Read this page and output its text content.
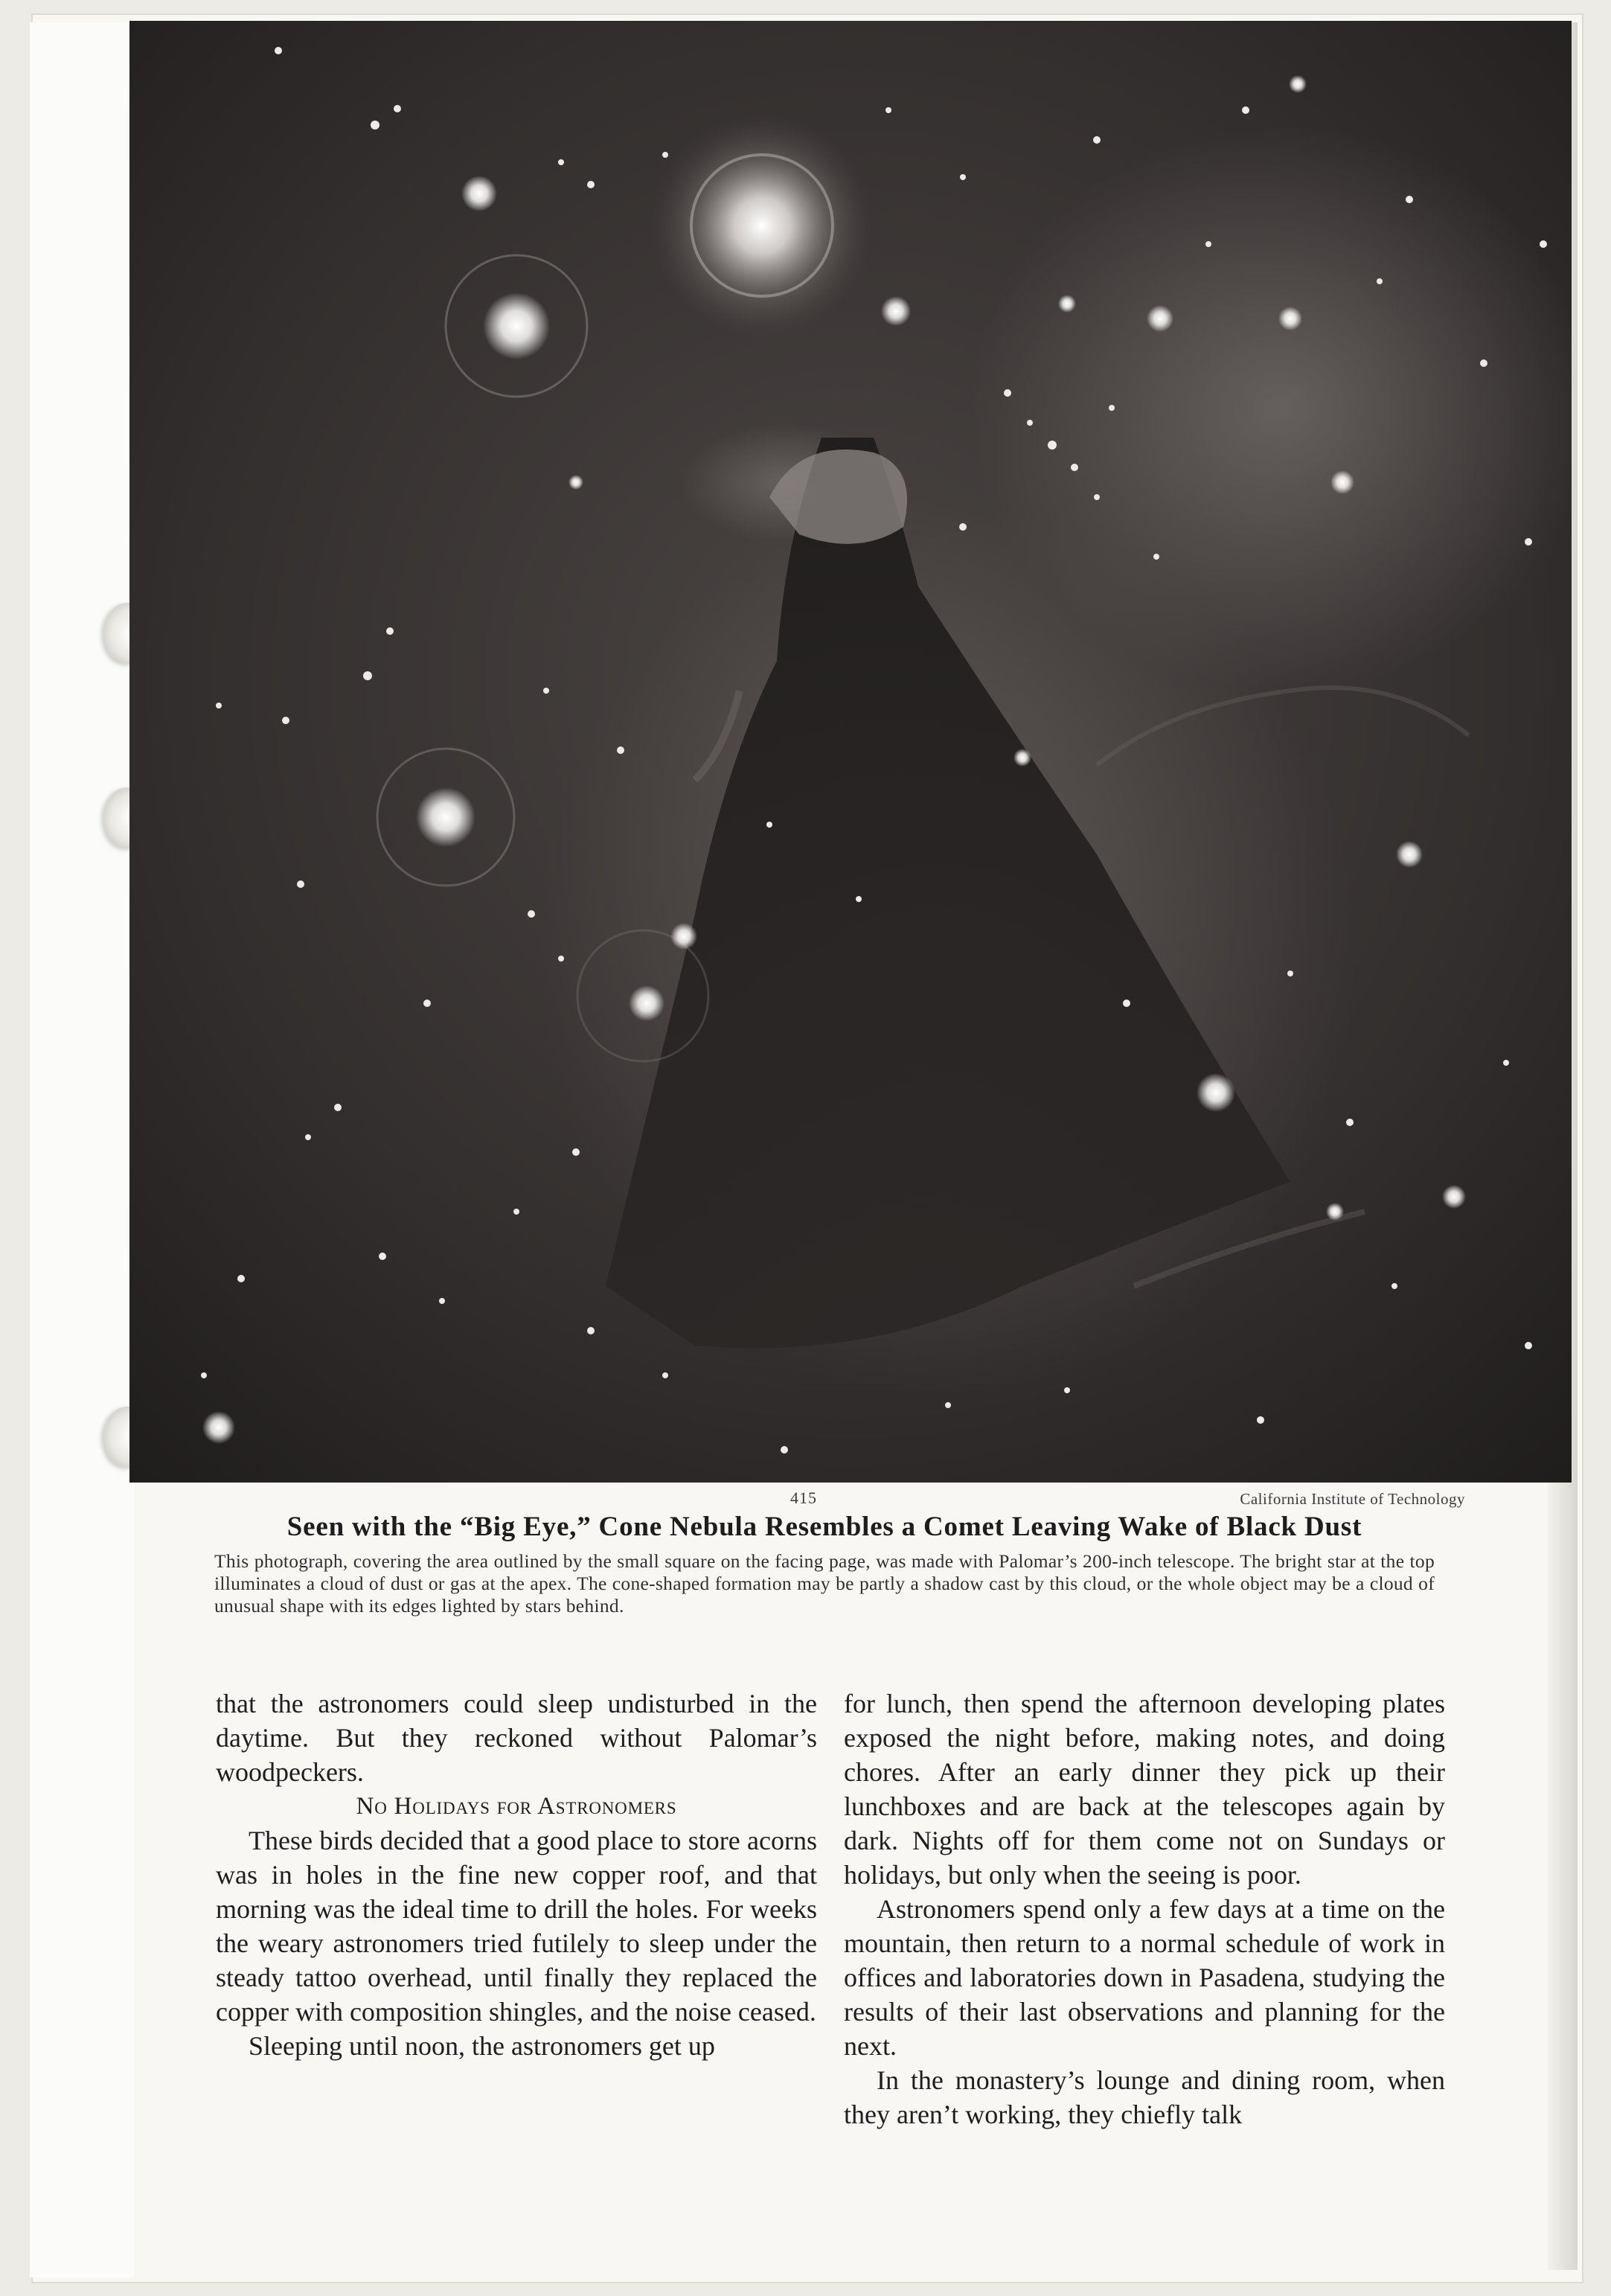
415	California Institute of Technology
Seen with the “Big Eye,” Cone Nebula Resembles a Comet Leaving Wake of Black Dust
This photograph, covering the area outlined by the small square on the facing page, was made with Palomar’s 200-inch telescope. The bright star at the top illuminates a cloud of dust or gas at the apex. The cone-shaped formation may be partly a shadow cast by this cloud, or the whole object may be a cloud of unusual shape with its edges lighted by stars behind.

that the astronomers could sleep undisturbed in the daytime. But they reckoned without Palomar’s woodpeckers.

No Holidays for Astronomers

These birds decided that a good place to store acorns was in holes in the fine new copper roof, and that morning was the ideal time to drill the holes. For weeks the weary astronomers tried futilely to sleep under the steady tattoo overhead, until finally they replaced the copper with composition shingles, and the noise ceased.

Sleeping until noon, the astronomers get up

for lunch, then spend the afternoon developing plates exposed the night before, making notes, and doing chores. After an early dinner they pick up their lunchboxes and are back at the telescopes again by dark. Nights off for them come not on Sundays or holidays, but only when the seeing is poor.

Astronomers spend only a few days at a time on the mountain, then return to a normal schedule of work in offices and laboratories down in Pasadena, studying the results of their last observations and planning for the next.

In the monastery’s lounge and dining room, when they aren’t working, they chiefly talk
